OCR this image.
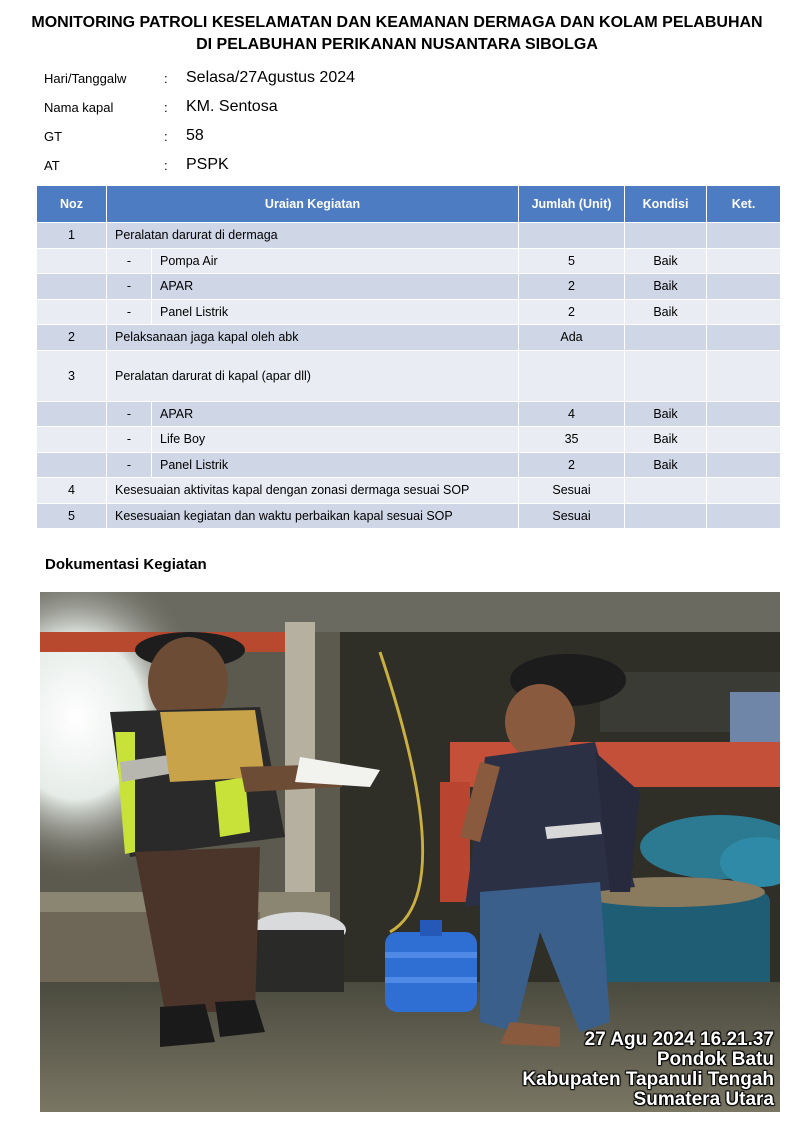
MONITORING PATROLI KESELAMATAN DAN KEAMANAN DERMAGA DAN KOLAM PELABUHAN
DI PELABUHAN PERIKANAN NUSANTARA SIBOLGA
Hari/Tanggalw	: Selasa/27Agustus 2024
Nama kapal	: KM. Sentosa
GT	: 58
AT	: PSPK
Noz	Uraian Kegiatan		Jumlah (Unit)	Kondisi	Ket.
1	Peralatan darurat di dermaga				
	-	Pompa Air	5	Baik	
	-	APAR	2	Baik	
	-	Panel Listrik	2	Baik	
2	Pelaksanaan jaga kapal oleh abk		Ada		
3	Peralatan darurat di kapal (apar dll)				
	-	APAR	4	Baik	
	-	Life Boy	35	Baik	
	-	Panel Listrik	2	Baik	
4	Kesesuaian aktivitas kapal dengan zonasi dermaga sesuai SOP		Sesuai		
5	Kesesuaian kegiatan dan waktu perbaikan kapal sesuai SOP		Sesuai		
Dokumentasi Kegiatan
27 Agu 2024 16.21.37
Pondok Batu
Kabupaten Tapanuli Tengah
Sumatera Utara
